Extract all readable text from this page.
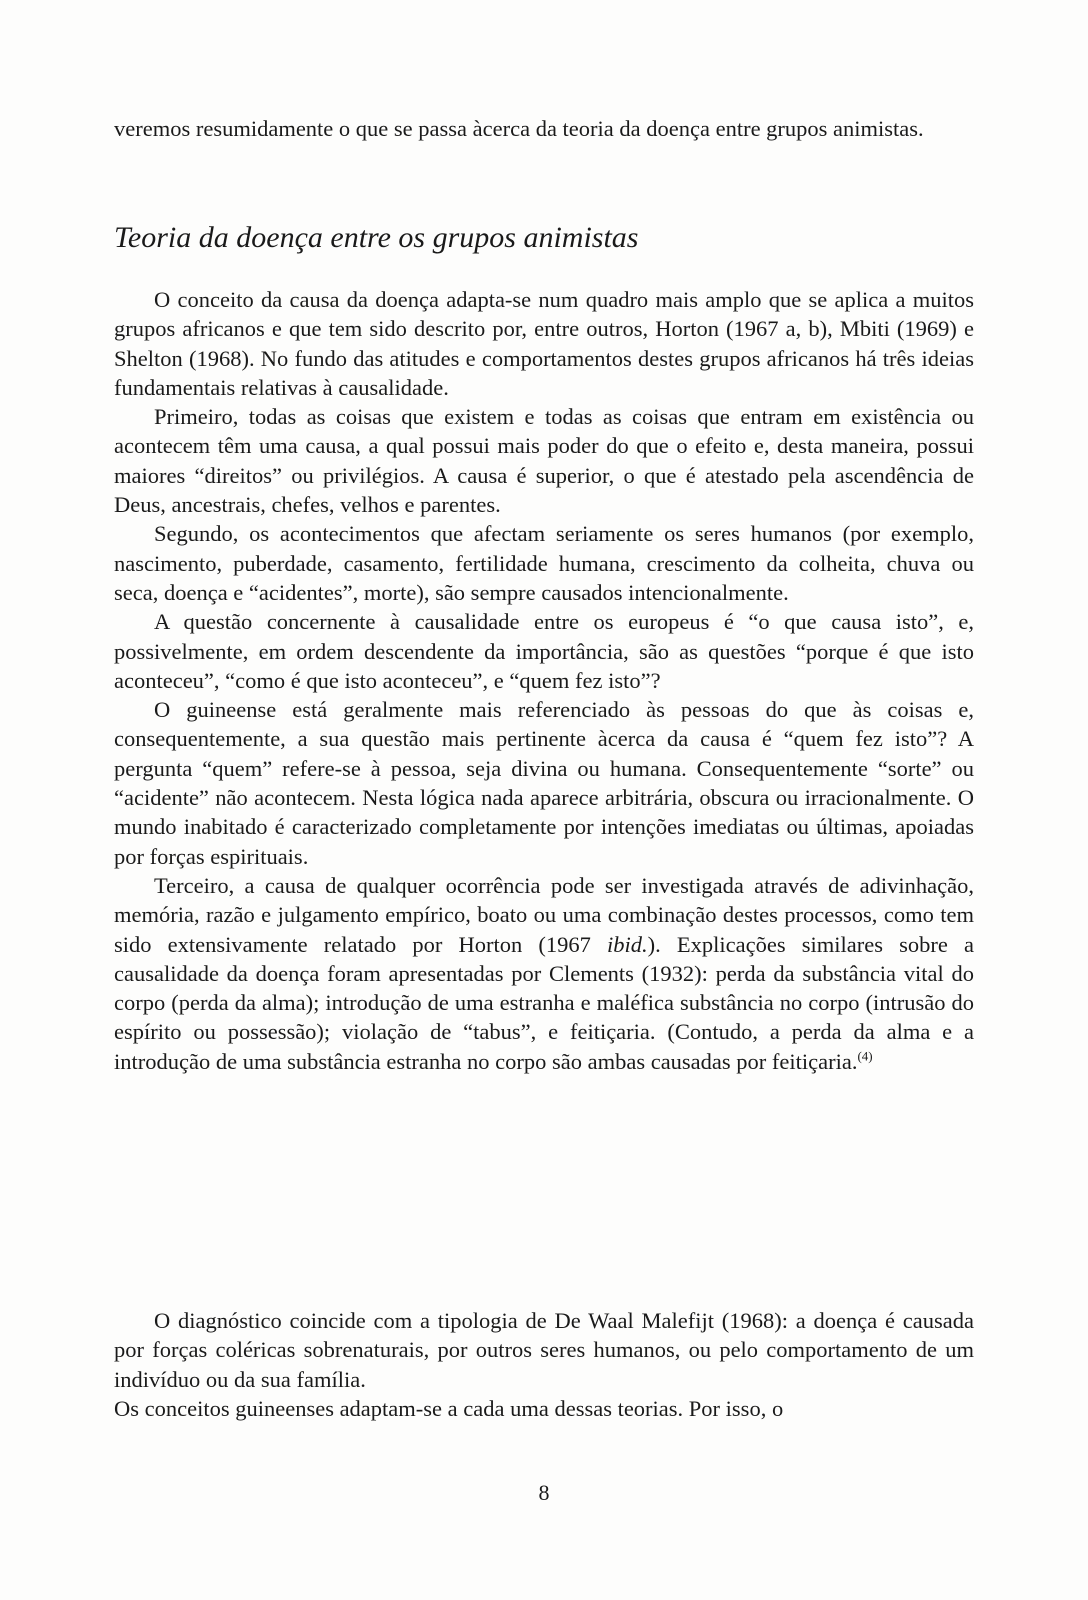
veremos resumidamente o que se passa àcerca da teoria da doença entre grupos animistas.

Teoria da doença entre os grupos animistas

O conceito da causa da doença adapta-se num quadro mais amplo que se aplica a muitos grupos africanos e que tem sido descrito por, entre outros, Horton (1967 a, b), Mbiti (1969) e Shelton (1968). No fundo das atitudes e comportamentos destes grupos africanos há três ideias fundamentais relativas à causalidade.

Primeiro, todas as coisas que existem e todas as coisas que entram em existência ou acontecem têm uma causa, a qual possui mais poder do que o efeito e, desta maneira, possui maiores “direitos” ou privilégios. A causa é superior, o que é atestado pela ascendência de Deus, ancestrais, chefes, velhos e parentes.

Segundo, os acontecimentos que afectam seriamente os seres humanos (por exemplo, nascimento, puberdade, casamento, fertilidade humana, crescimento da colheita, chuva ou seca, doença e “acidentes”, morte), são sempre causados intencionalmente.

A questão concernente à causalidade entre os europeus é “o que causa isto”, e, possivelmente, em ordem descendente da importância, são as questões “porque é que isto aconteceu”, “como é que isto aconteceu”, e “quem fez isto”?

O guineense está geralmente mais referenciado às pessoas do que às coisas e, consequentemente, a sua questão mais pertinente àcerca da causa é “quem fez isto”? A pergunta “quem” refere-se à pessoa, seja divina ou humana. Consequentemente “sorte” ou “acidente” não acontecem. Nesta lógica nada aparece arbitrária, obscura ou irracionalmente. O mundo inabitado é caracterizado completamente por intenções imediatas ou últimas, apoiadas por forças espirituais.

Terceiro, a causa de qualquer ocorrência pode ser investigada através de adivinhação, memória, razão e julgamento empírico, boato ou uma combinação destes processos, como tem sido extensivamente relatado por Horton (1967 ibid.). Explicações similares sobre a causalidade da doença foram apresentadas por Clements (1932): perda da substância vital do corpo (perda da alma); introdução de uma estranha e maléfica substância no corpo (intrusão do espírito ou possessão); violação de “tabus”, e feitiçaria. (Contudo, a perda da alma e a introdução de uma substância estranha no corpo são ambas causadas por feitiçaria.$^{(4)}$

O diagnóstico coincide com a tipologia de De Waal Malefijt (1968): a doença é causada por forças coléricas sobrenaturais, por outros seres humanos, ou pelo comportamento de um indivíduo ou da sua família.

Os conceitos guineenses adaptam-se a cada uma dessas teorias. Por isso, o

8
